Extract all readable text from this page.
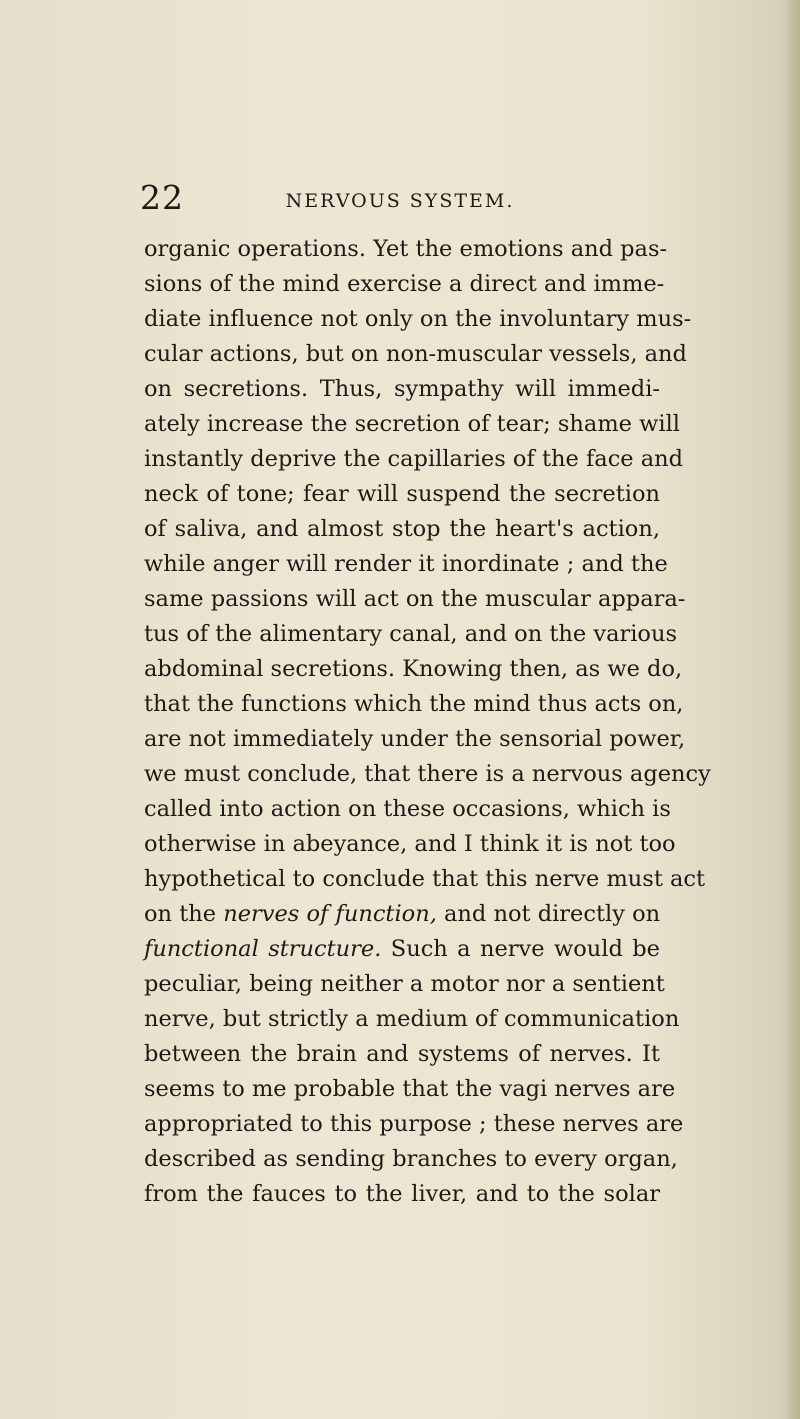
22	NERVOUS SYSTEM.
organic operations. Yet the emotions and pas-
sions of the mind exercise a direct and imme-
diate influence not only on the involuntary mus-
cular actions, but on non-muscular vessels, and
on secretions. Thus, sympathy will immedi-
ately increase the secretion of tear; shame will
instantly deprive the capillaries of the face and
neck of tone; fear will suspend the secretion
of saliva, and almost stop the heart's action,
while anger will render it inordinate ; and the
same passions will act on the muscular appara-
tus of the alimentary canal, and on the various
abdominal secretions. Knowing then, as we do,
that the functions which the mind thus acts on,
are not immediately under the sensorial power,
we must conclude, that there is a nervous agency
called into action on these occasions, which is
otherwise in abeyance, and I think it is not too
hypothetical to conclude that this nerve must act
on the nerves of function, and not directly on
functional structure. Such a nerve would be
peculiar, being neither a motor nor a sentient
nerve, but strictly a medium of communication
between the brain and systems of nerves. It
seems to me probable that the vagi nerves are
appropriated to this purpose ; these nerves are
described as sending branches to every organ,
from the fauces to the liver, and to the solar
